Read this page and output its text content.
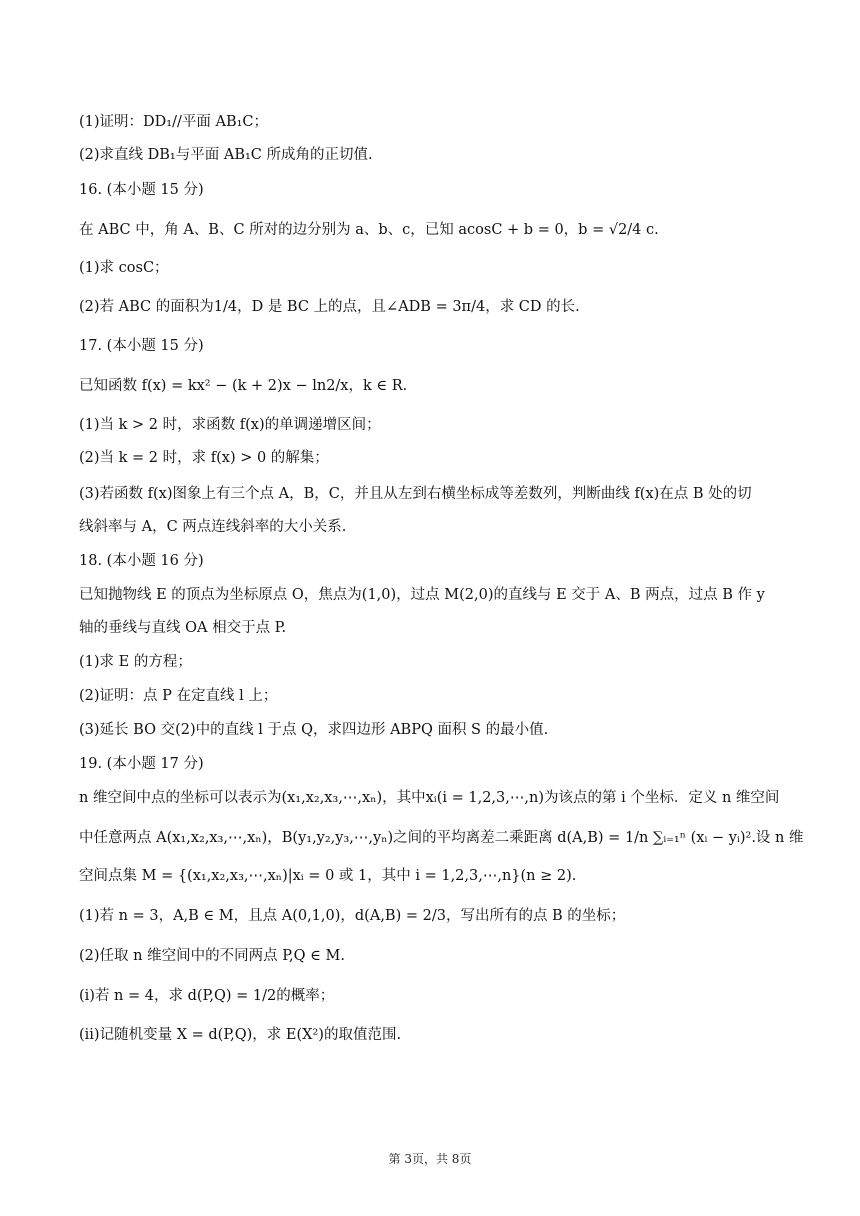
(1)证明：DD₁//平面 AB₁C；
(2)求直线 DB₁与平面 AB₁C 所成角的正切值.
16. (本小题 15 分)
在 ABC 中，角 A、B、C 所对的边分别为 a、b、c，已知 acosC + b = 0，b = √2/4 c.
(1)求 cosC；
(2)若 ABC 的面积为1/4，D 是 BC 上的点，且∠ADB = 3π/4，求 CD 的长.
17. (本小题 15 分)
已知函数 f(x) = kx² − (k + 2)x − ln2/x，k ∈ R.
(1)当 k > 2 时，求函数 f(x)的单调递增区间；
(2)当 k = 2 时，求 f(x) > 0 的解集；
(3)若函数 f(x)图象上有三个点 A，B，C，并且从左到右横坐标成等差数列，判断曲线 f(x)在点 B 处的切
线斜率与 A，C 两点连线斜率的大小关系.
18. (本小题 16 分)
已知抛物线 E 的顶点为坐标原点 O，焦点为(1,0)，过点 M(2,0)的直线与 E 交于 A、B 两点，过点 B 作 y
轴的垂线与直线 OA 相交于点 P.
(1)求 E 的方程；
(2)证明：点 P 在定直线 l 上；
(3)延长 BO 交(2)中的直线 l 于点 Q，求四边形 ABPQ 面积 S 的最小值.
19. (本小题 17 分)
n 维空间中点的坐标可以表示为(x₁,x₂,x₃,⋯,xₙ)，其中xᵢ(i = 1,2,3,⋯,n)为该点的第 i 个坐标．定义 n 维空间
中任意两点 A(x₁,x₂,x₃,⋯,xₙ)，B(y₁,y₂,y₃,⋯,yₙ)之间的平均离差二乘距离 d(A,B) = 1/n ∑ᵢ₌₁ⁿ (xᵢ − yᵢ)².设 n 维
空间点集 M = {(x₁,x₂,x₃,⋯,xₙ)|xᵢ = 0 或 1，其中 i = 1,2,3,⋯,n}(n ≥ 2).
(1)若 n = 3，A,B ∈ M，且点 A(0,1,0)，d(A,B) = 2/3，写出所有的点 B 的坐标；
(2)任取 n 维空间中的不同两点 P,Q ∈ M.
(i)若 n = 4，求 d(P,Q) = 1/2的概率；
(ii)记随机变量 X = d(P,Q)，求 E(X²)的取值范围.
第 3页，共 8页
